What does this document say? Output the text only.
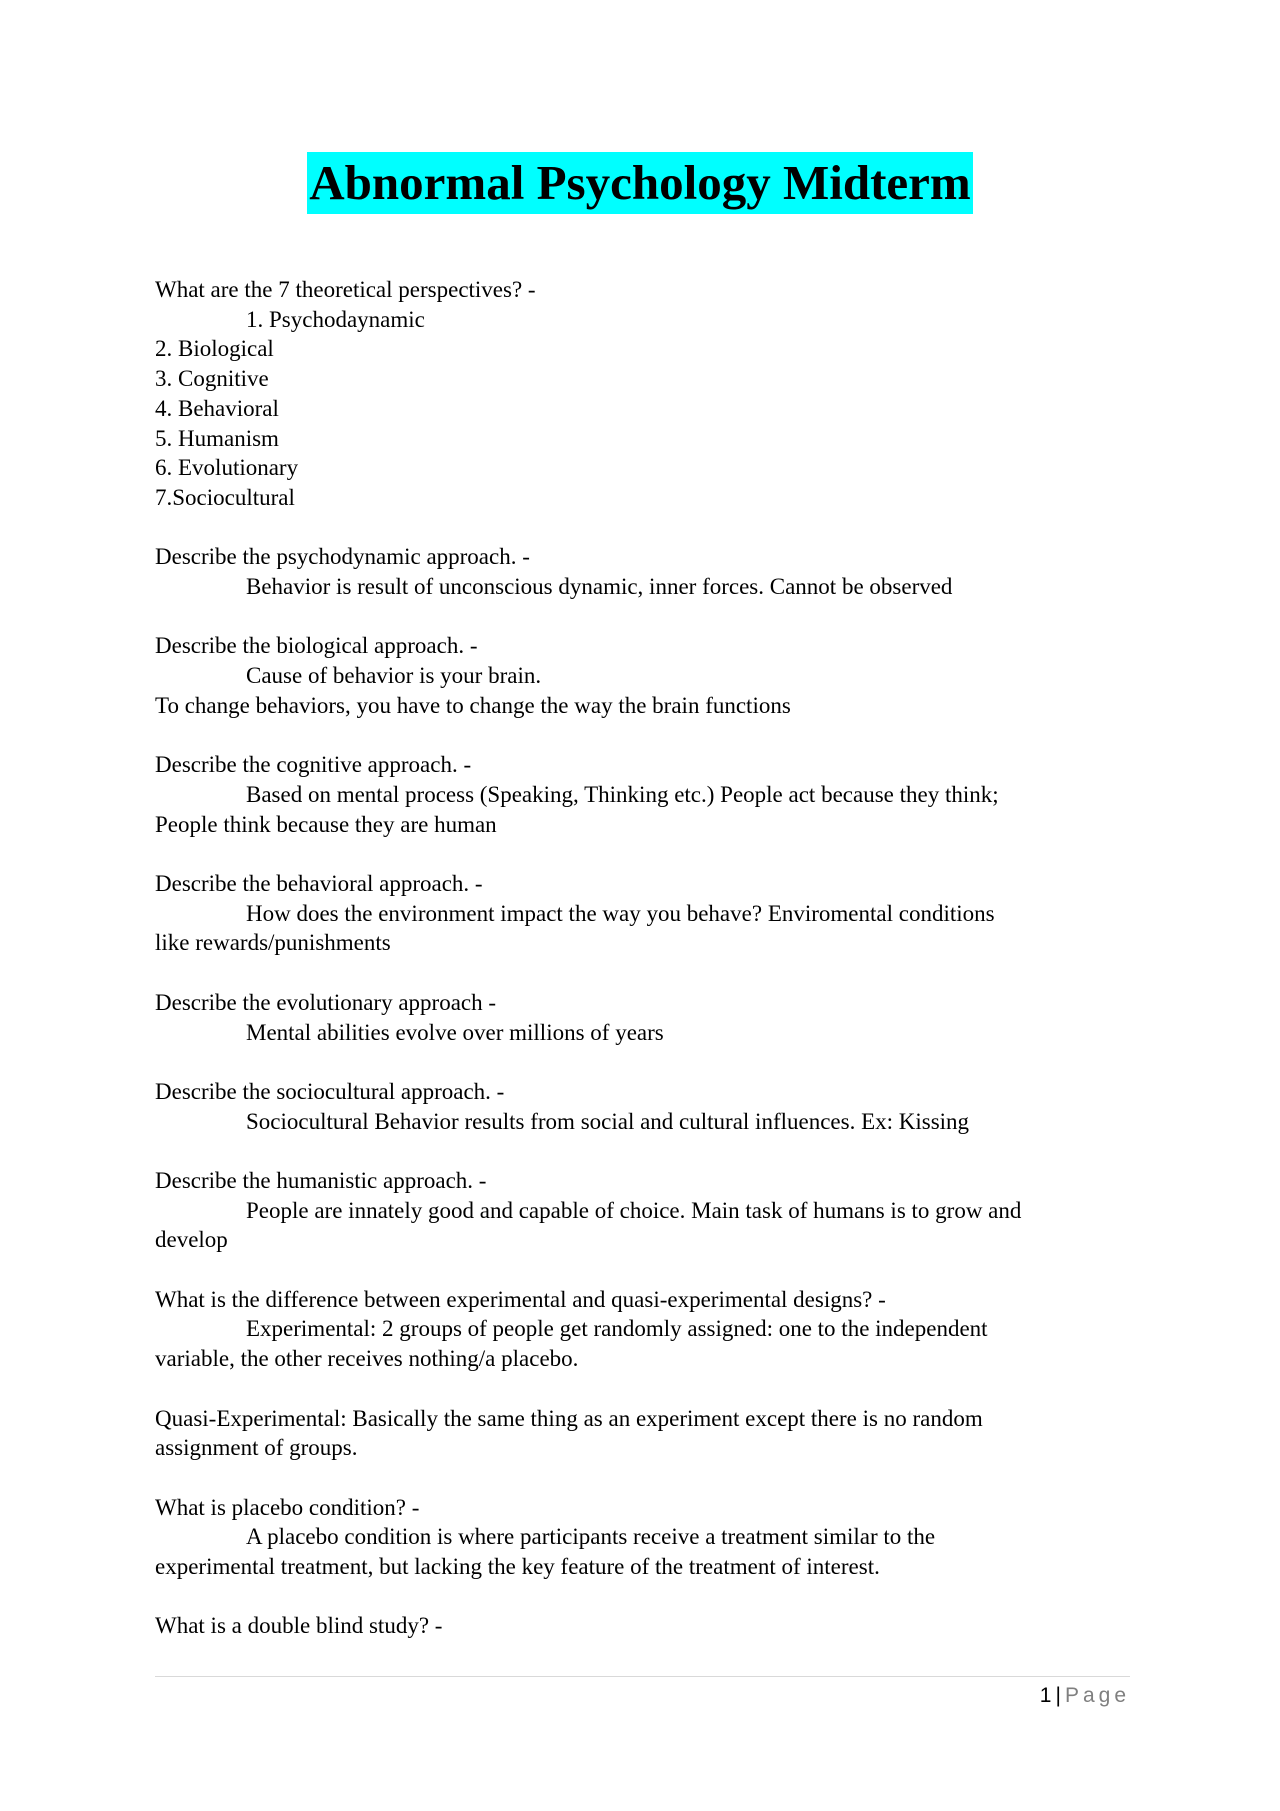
Abnormal Psychology Midterm

What are the 7 theoretical perspectives? -

1. Psychodaynamic

2. Biological

3. Cognitive

4. Behavioral

5. Humanism

6. Evolutionary

7.Sociocultural

Describe the psychodynamic approach. -

Behavior is result of unconscious dynamic, inner forces. Cannot be observed

Describe the biological approach. -

Cause of behavior is your brain.

To change behaviors, you have to change the way the brain functions

Describe the cognitive approach. -

Based on mental process (Speaking, Thinking etc.) People act because they think;

People think because they are human

Describe the behavioral approach. -

How does the environment impact the way you behave? Enviromental conditions

like rewards/punishments

Describe the evolutionary approach -

Mental abilities evolve over millions of years

Describe the sociocultural approach. -

Sociocultural Behavior results from social and cultural influences. Ex: Kissing

Describe the humanistic approach. -

People are innately good and capable of choice. Main task of humans is to grow and

develop

What is the difference between experimental and quasi-experimental designs? -

Experimental: 2 groups of people get randomly assigned: one to the independent

variable, the other receives nothing/a placebo.

Quasi-Experimental: Basically the same thing as an experiment except there is no random

assignment of groups.

What is placebo condition? -

A placebo condition is where participants receive a treatment similar to the

experimental treatment, but lacking the key feature of the treatment of interest.

What is a double blind study? -

1 | Page
